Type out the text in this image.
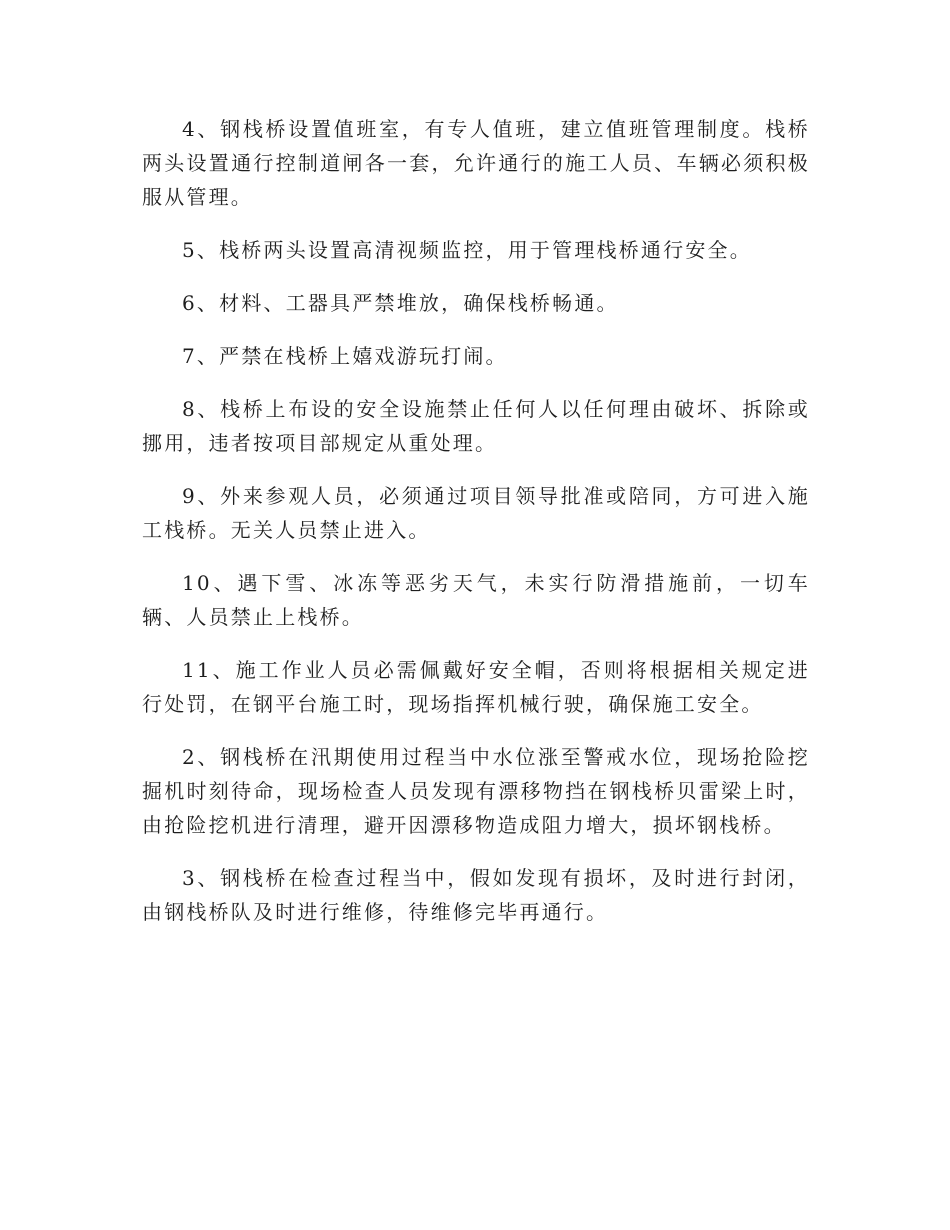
4、钢栈桥设置值班室，有专人值班，建立值班管理制度。栈桥两头设置通行控制道闸各一套，允许通行的施工人员、车辆必须积极服从管理。

5、栈桥两头设置高清视频监控，用于管理栈桥通行安全。

6、材料、工器具严禁堆放，确保栈桥畅通。

7、严禁在栈桥上嬉戏游玩打闹。

8、栈桥上布设的安全设施禁止任何人以任何理由破坏、拆除或挪用，违者按项目部规定从重处理。

9、外来参观人员，必须通过项目领导批准或陪同，方可进入施工栈桥。无关人员禁止进入。

10、遇下雪、冰冻等恶劣天气，未实行防滑措施前，一切车辆、人员禁止上栈桥。

11、施工作业人员必需佩戴好安全帽，否则将根据相关规定进行处罚，在钢平台施工时，现场指挥机械行驶，确保施工安全。

2、钢栈桥在汛期使用过程当中水位涨至警戒水位，现场抢险挖掘机时刻待命，现场检查人员发现有漂移物挡在钢栈桥贝雷梁上时，由抢险挖机进行清理，避开因漂移物造成阻力增大，损坏钢栈桥。

3、钢栈桥在检查过程当中，假如发现有损坏，及时进行封闭，由钢栈桥队及时进行维修，待维修完毕再通行。
